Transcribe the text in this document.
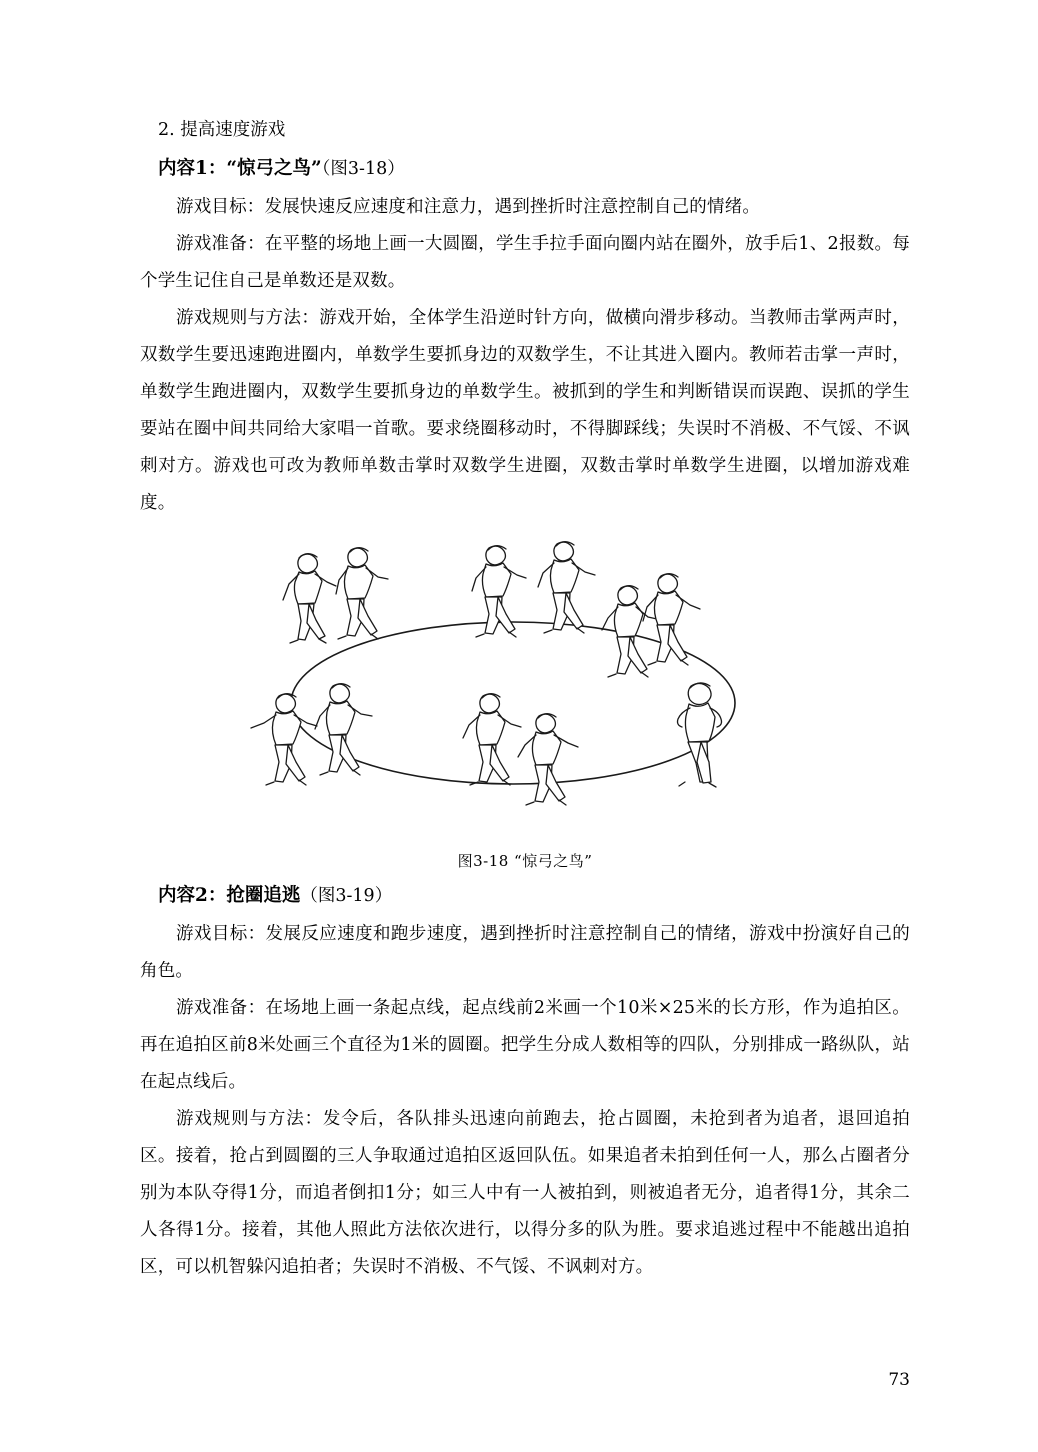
2. 提高速度游戏
内容1：“惊弓之鸟”（图3-18）

游戏目标：发展快速反应速度和注意力，遇到挫折时注意控制自己的情绪。

游戏准备：在平整的场地上画一大圆圈，学生手拉手面向圈内站在圈外，放手后1、2报数。每个学生记住自己是单数还是双数。

游戏规则与方法：游戏开始，全体学生沿逆时针方向，做横向滑步移动。当教师击掌两声时，双数学生要迅速跑进圈内，单数学生要抓身边的双数学生，不让其进入圈内。教师若击掌一声时，单数学生跑进圈内，双数学生要抓身边的单数学生。被抓到的学生和判断错误而误跑、误抓的学生要站在圈中间共同给大家唱一首歌。要求绕圈移动时，不得脚踩线；失误时不消极、不气馁、不讽刺对方。游戏也可改为教师单数击掌时双数学生进圈，双数击掌时单数学生进圈，以增加游戏难度。

图3-18 “惊弓之鸟”
内容2：抢圈追逃（图3-19）

游戏目标：发展反应速度和跑步速度，遇到挫折时注意控制自己的情绪，游戏中扮演好自己的角色。

游戏准备：在场地上画一条起点线，起点线前2米画一个10米×25米的长方形，作为追拍区。再在追拍区前8米处画三个直径为1米的圆圈。把学生分成人数相等的四队，分别排成一路纵队，站在起点线后。

游戏规则与方法：发令后，各队排头迅速向前跑去，抢占圆圈，未抢到者为追者，退回追拍区。接着，抢占到圆圈的三人争取通过追拍区返回队伍。如果追者未拍到任何一人，那么占圈者分别为本队夺得1分，而追者倒扣1分；如三人中有一人被拍到，则被追者无分，追者得1分，其余二人各得1分。接着，其他人照此方法依次进行，以得分多的队为胜。要求追逃过程中不能越出追拍区，可以机智躲闪追拍者；失误时不消极、不气馁、不讽刺对方。

73
